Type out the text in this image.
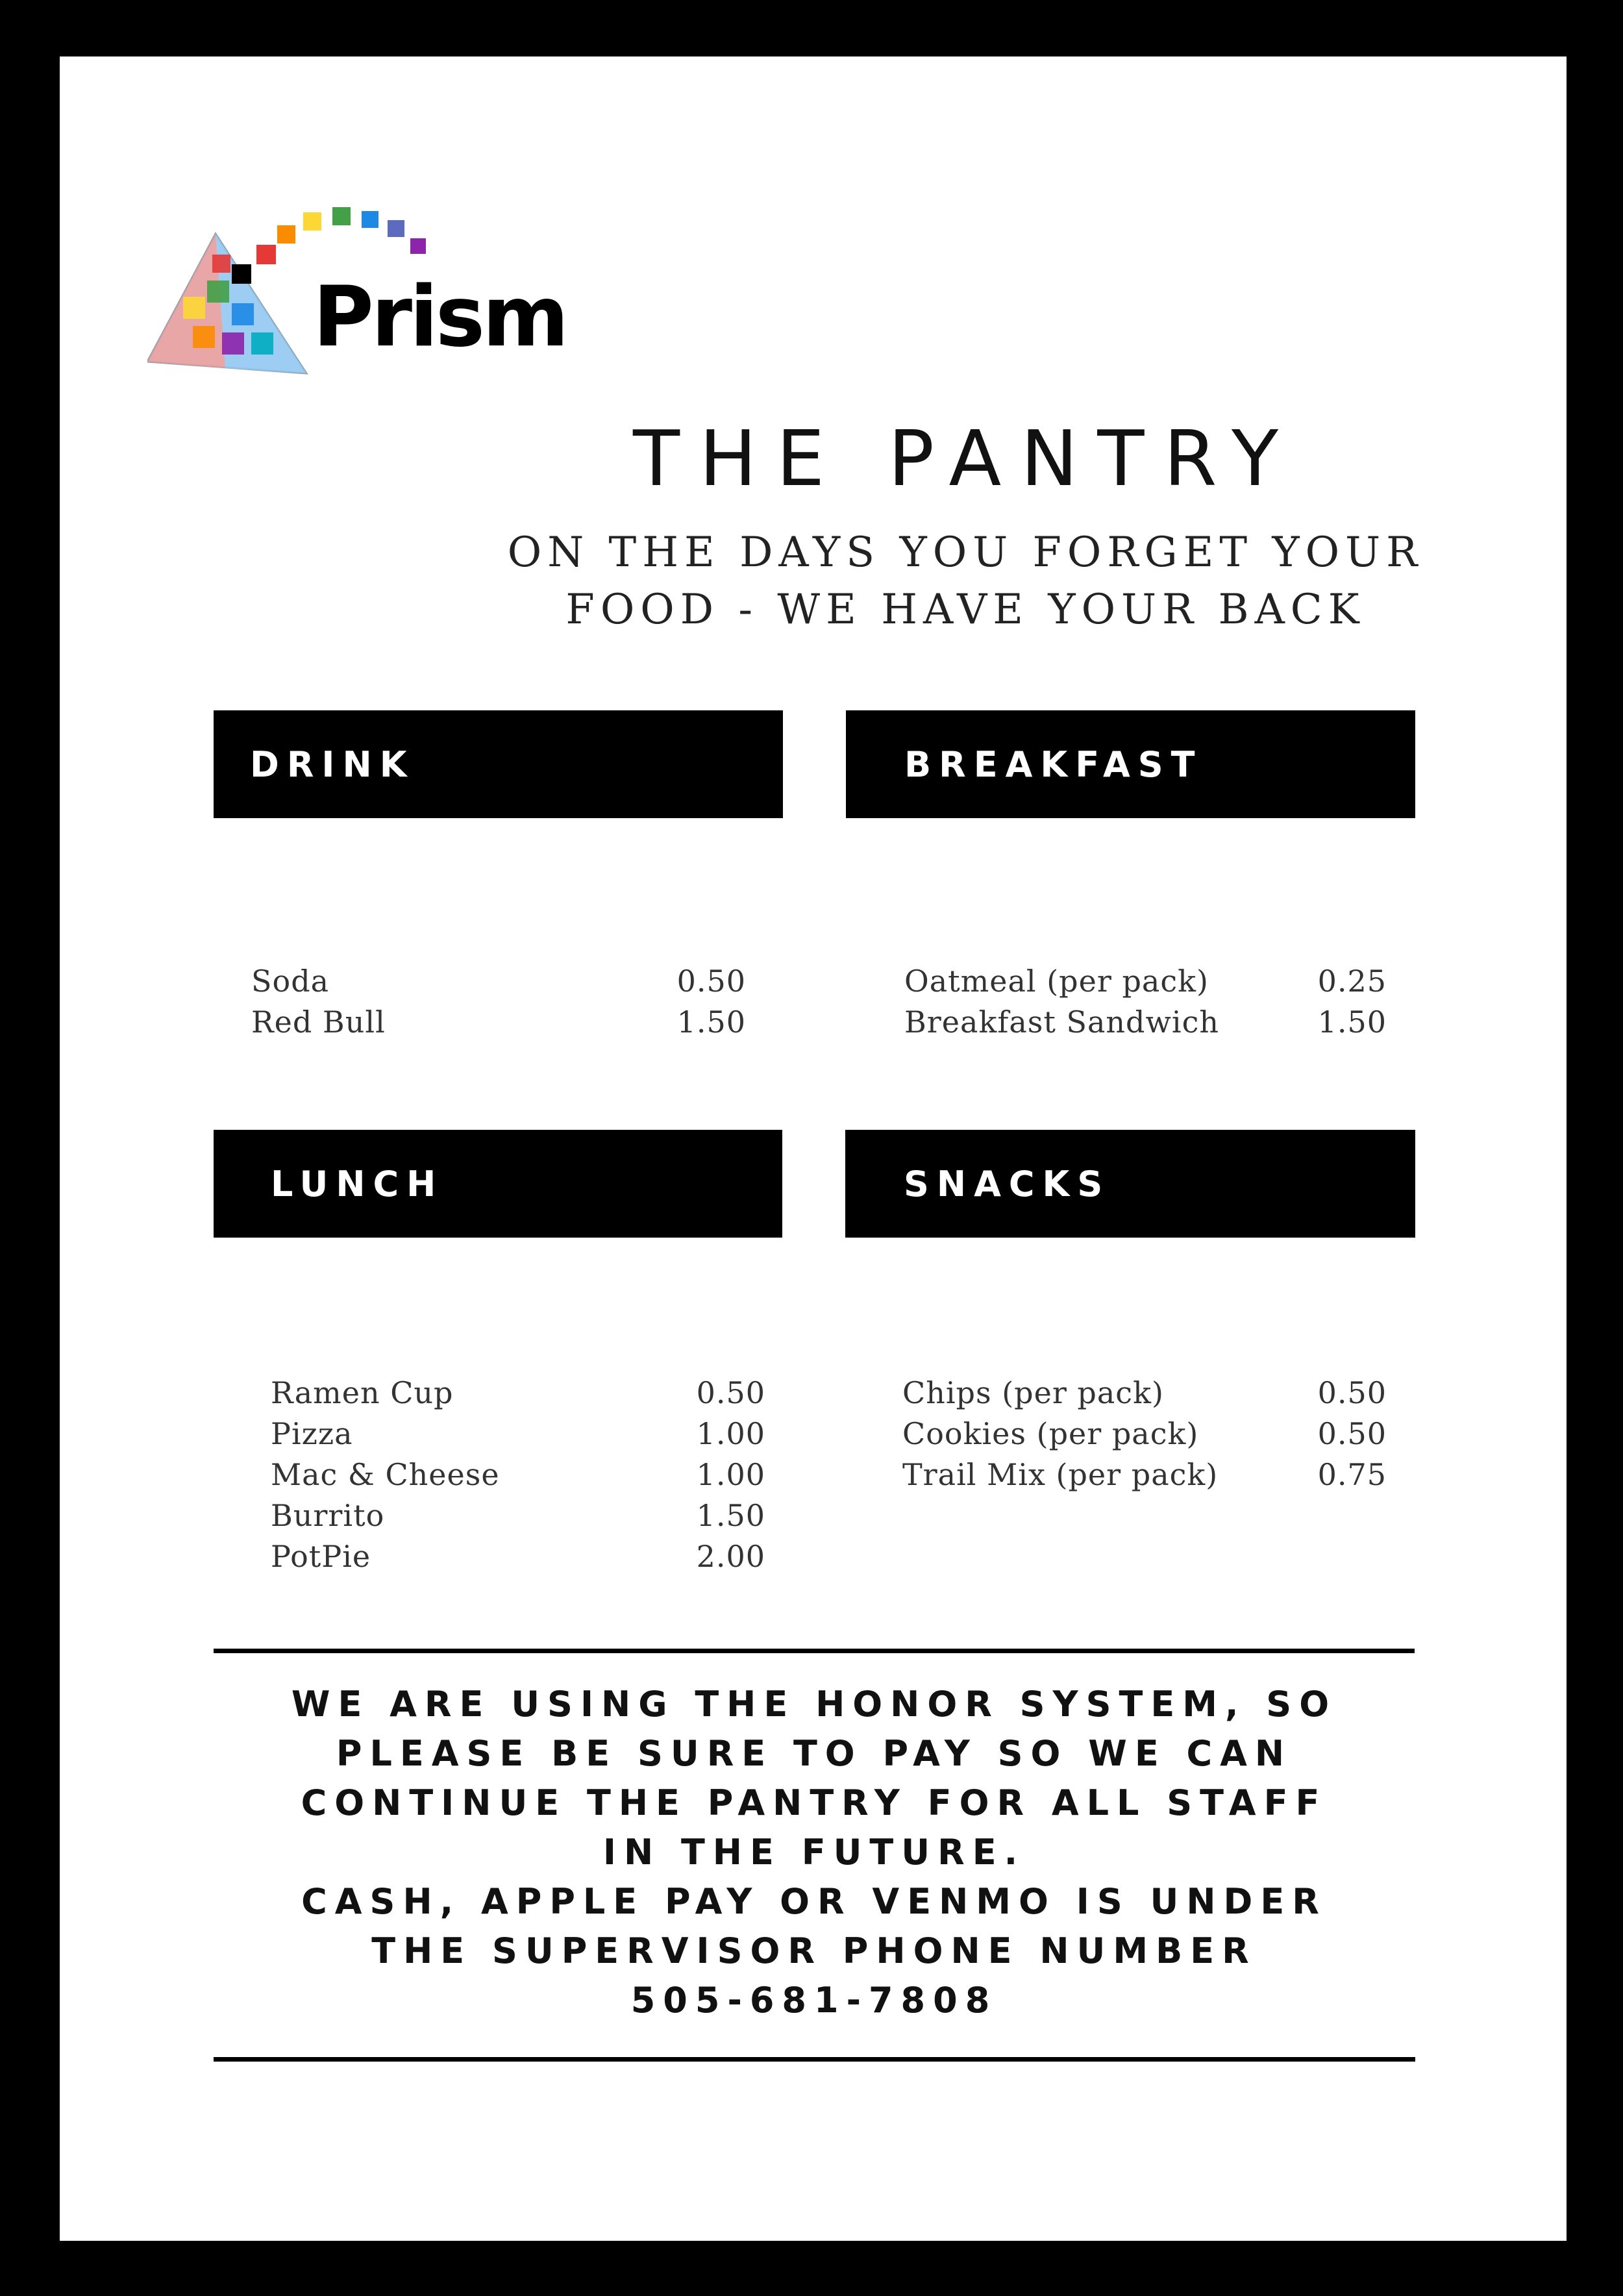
Prism
THE PANTRY
ON THE DAYS YOU FORGET YOUR
FOOD - WE HAVE YOUR BACK
DRINK	BREAKFAST
LUNCH	SNACKS
Soda	0.50
Red Bull	1.50
Oatmeal (per pack)	0.25
Breakfast Sandwich	1.50
Ramen Cup	0.50
Pizza	1.00
Mac & Cheese	1.00
Burrito	1.50
PotPie	2.00
Chips (per pack)	0.50
Cookies (per pack)	0.50
Trail Mix (per pack)	0.75
WE ARE USING THE HONOR SYSTEM, SO
PLEASE BE SURE TO PAY SO WE CAN
CONTINUE THE PANTRY FOR ALL STAFF
IN THE FUTURE.
CASH, APPLE PAY OR VENMO IS UNDER
THE SUPERVISOR PHONE NUMBER
505-681-7808
